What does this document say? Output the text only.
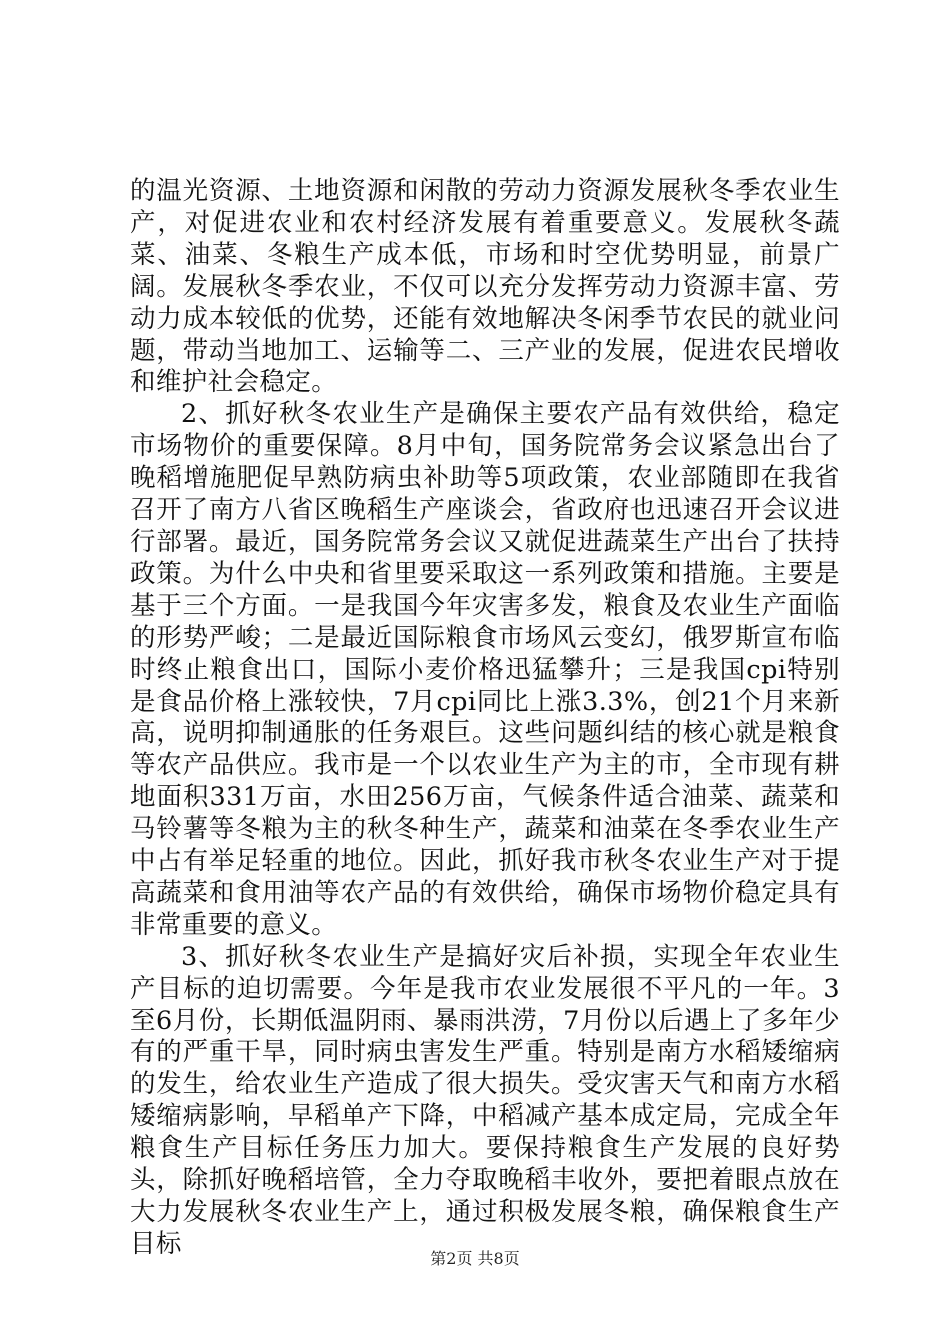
的温光资源、土地资源和闲散的劳动力资源发展秋冬季农业生产，对促进农业和农村经济发展有着重要意义。发展秋冬蔬菜、油菜、冬粮生产成本低，市场和时空优势明显，前景广阔。发展秋冬季农业，不仅可以充分发挥劳动力资源丰富、劳动力成本较低的优势，还能有效地解决冬闲季节农民的就业问题，带动当地加工、运输等二、三产业的发展，促进农民增收和维护社会稳定。

2、抓好秋冬农业生产是确保主要农产品有效供给，稳定市场物价的重要保障。8月中旬，国务院常务会议紧急出台了晚稻增施肥促早熟防病虫补助等5项政策，农业部随即在我省召开了南方八省区晚稻生产座谈会，省政府也迅速召开会议进行部署。最近，国务院常务会议又就促进蔬菜生产出台了扶持政策。为什么中央和省里要采取这一系列政策和措施。主要是基于三个方面。一是我国今年灾害多发，粮食及农业生产面临的形势严峻；二是最近国际粮食市场风云变幻，俄罗斯宣布临时终止粮食出口，国际小麦价格迅猛攀升；三是我国cpi特别是食品价格上涨较快，7月cpi同比上涨3.3%，创21个月来新高，说明抑制通胀的任务艰巨。这些问题纠结的核心就是粮食等农产品供应。我市是一个以农业生产为主的市，全市现有耕地面积331万亩，水田256万亩，气候条件适合油菜、蔬菜和马铃薯等冬粮为主的秋冬种生产，蔬菜和油菜在冬季农业生产中占有举足轻重的地位。因此，抓好我市秋冬农业生产对于提高蔬菜和食用油等农产品的有效供给，确保市场物价稳定具有非常重要的意义。

3、抓好秋冬农业生产是搞好灾后补损，实现全年农业生产目标的迫切需要。今年是我市农业发展很不平凡的一年。3至6月份，长期低温阴雨、暴雨洪涝，7月份以后遇上了多年少有的严重干旱，同时病虫害发生严重。特别是南方水稻矮缩病的发生，给农业生产造成了很大损失。受灾害天气和南方水稻矮缩病影响，早稻单产下降，中稻减产基本成定局，完成全年粮食生产目标任务压力加大。要保持粮食生产发展的良好势头，除抓好晚稻培管，全力夺取晚稻丰收外，要把着眼点放在大力发展秋冬农业生产上，通过积极发展冬粮，确保粮食生产目标	第2页 共8页
